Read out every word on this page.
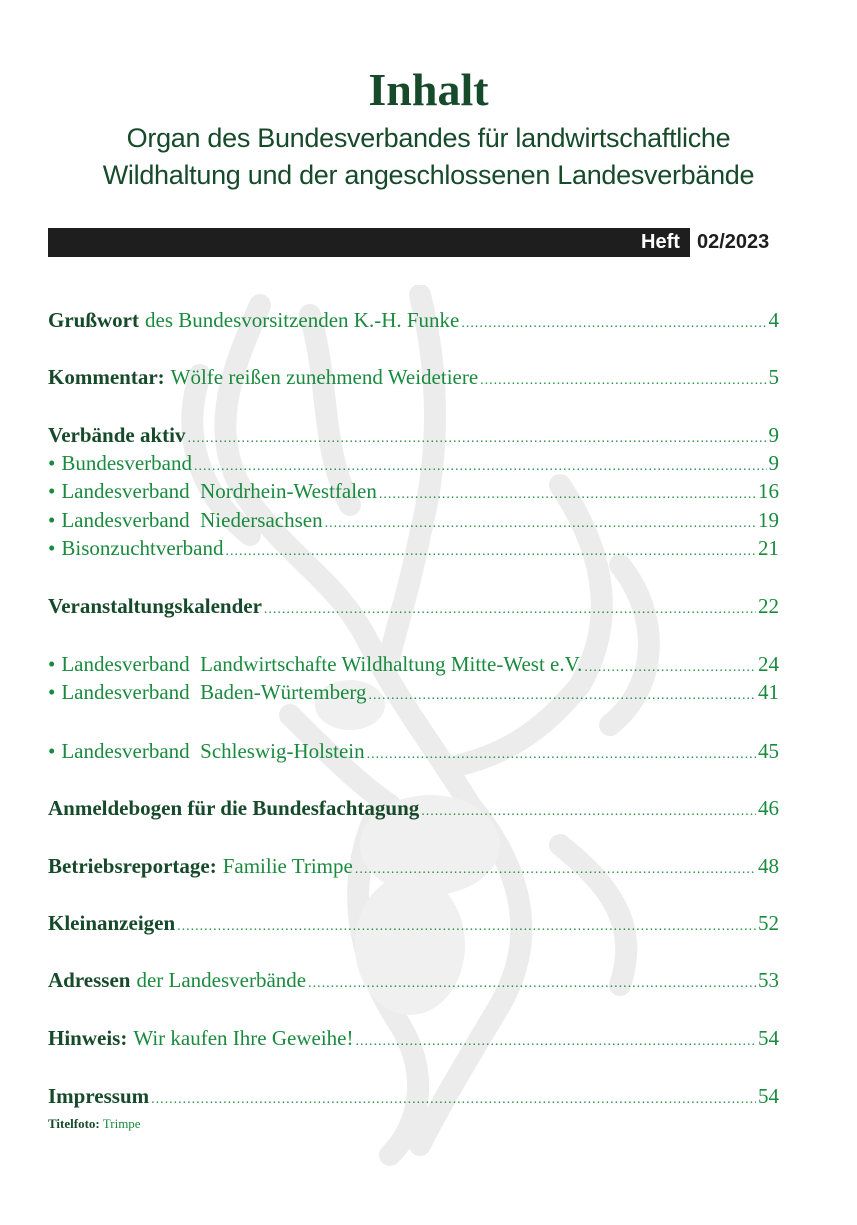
Inhalt
Organ des Bundesverbandes für landwirtschaftliche
Wildhaltung und der angeschlossenen Landesverbände
Heft 02/2023
Grußwort des Bundesvorsitzenden K.-H. Funke .....	4
Kommentar : Wölfe reißen zunehmend Weidetiere .....	5
Verbände aktiv .....	9
• Bundesverband .....	9
• Landesverband  Nordrhein-Westfalen .....	16
• Landesverband  Niedersachsen .....	19
• Bisonzuchtverband .....	21
Veranstaltungskalender .....	22
• Landesverband  Landwirtschafte Wildhaltung Mitte-West e.V. .....	24
• Landesverband  Baden-Würtemberg .....	41
• Landesverband  Schleswig-Holstein .....	45
Anmeldebogen für die Bundesfachtagung .....	46
Betriebsreportage: Familie Trimpe .....	48
Kleinanzeigen .....	52
Adressen der Landesverbände .....	53
Hinweis: Wir kaufen Ihre Geweihe! .....	54
Impressum .....	54
Titelfoto: Trimpe
